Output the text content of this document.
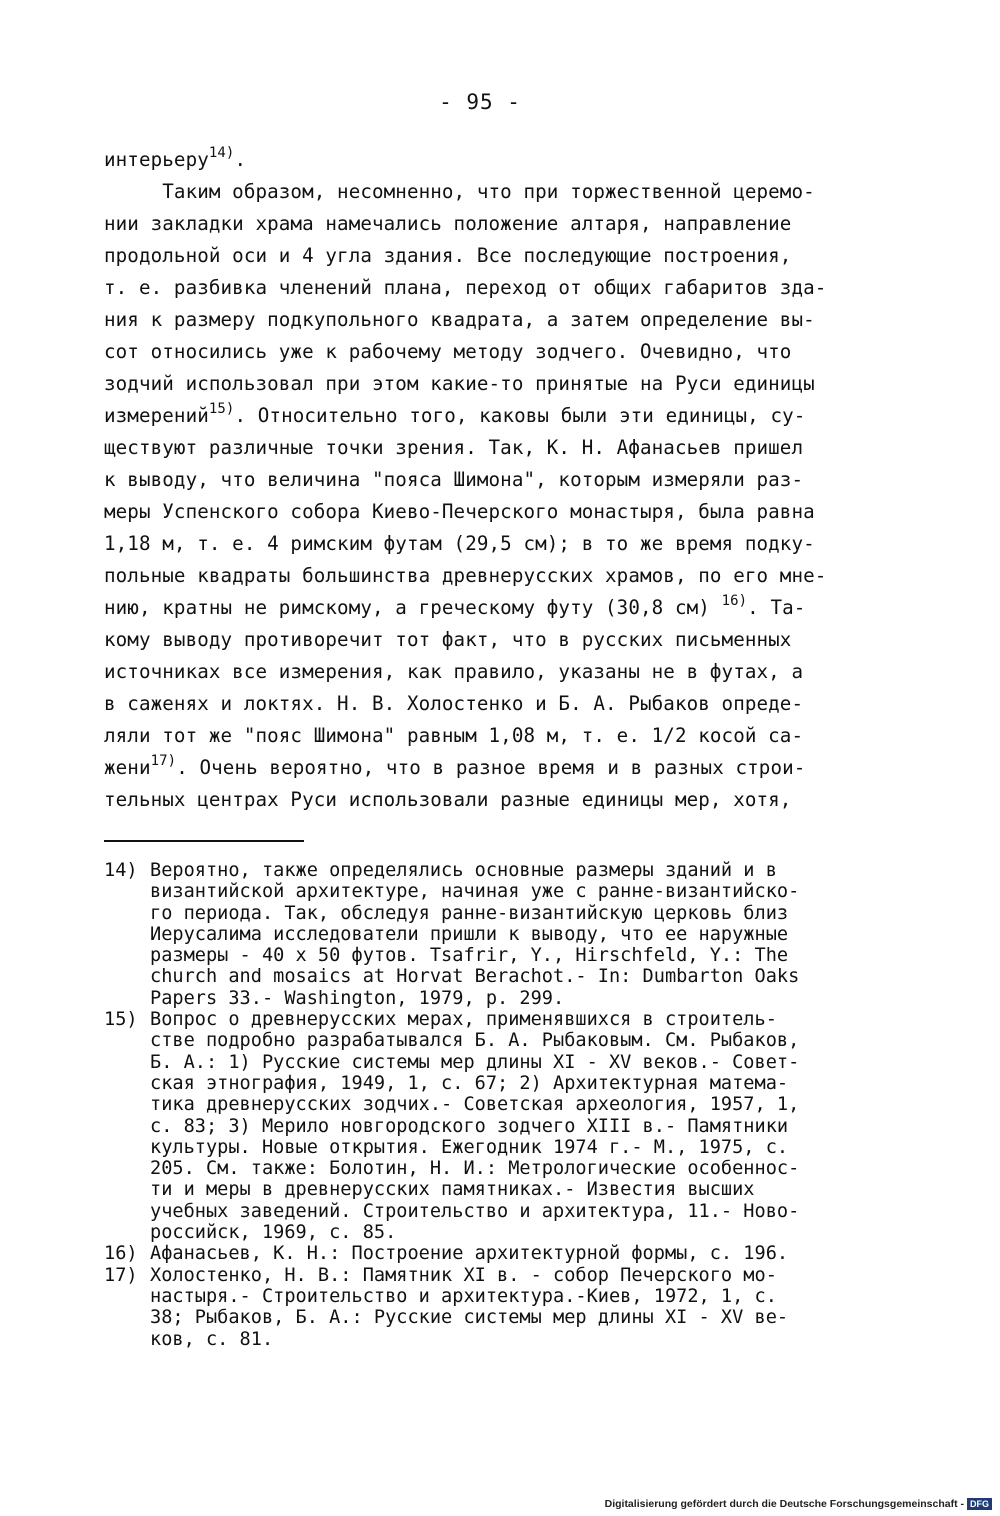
- 95 -
интерьеру$^{14)}$.
Таким образом, несомненно, что при торжественной церемо-
нии закладки храма намечались положение алтаря, направление
продольной оси и 4 угла здания. Все последующие построения,
т. е. разбивка членений плана, переход от общих габаритов зда-
ния к размеру подкупольного квадрата, а затем определение вы-
сот относились уже к рабочему методу зодчего. Очевидно, что
зодчий использовал при этом какие-то принятые на Руси единицы
измерений$^{15)}$. Относительно того, каковы были эти единицы, су-
ществуют различные точки зрения. Так, К. Н. Афанасьев пришел
к выводу, что величина "пояса Шимона", которым измеряли раз-
меры Успенского собора Киево-Печерского монастыря, была равна
1,18 м, т. е. 4 римским футам (29,5 см); в то же время подку-
польные квадраты большинства древнерусских храмов, по его мне-
нию, кратны не римскому, а греческому футу (30,8 см) $^{16)}$. Та-
кому выводу противоречит тот факт, что в русских письменных
источниках все измерения, как правило, указаны не в футах, а
в саженях и локтях. Н. В. Холостенко и Б. А. Рыбаков опреде-
ляли тот же "пояс Шимона" равным 1,08 м, т. е. 1/2 косой са-
жени$^{17)}$. Очень вероятно, что в разное время и в разных строи-
тельных центрах Руси использовали разные единицы мер, хотя,
14) Вероятно, также определялись основные размеры зданий и в
византийской архитектуре, начиная уже с ранне-византийско-
го периода. Так, обследуя ранне-византийскую церковь близ
Иерусалима исследователи пришли к выводу, что ее наружные
размеры - 40 х 50 футов. Tsafrir, Y., Hirschfeld, Y.: The
church and mosaics at Horvat Berachot.- In: Dumbarton Oaks
Papers 33.- Washington, 1979, p. 299.
15) Вопрос о древнерусских мерах, применявшихся в строитель-
стве подробно разрабатывался Б. А. Рыбаковым. См. Рыбаков,
Б. А.: 1) Русские системы мер длины XI - XV веков.- Совет-
ская этнография, 1949, 1, с. 67; 2) Архитектурная матема-
тика древнерусских зодчих.- Советская археология, 1957, 1,
с. 83; 3) Мерило новгородского зодчего XIII в.- Памятники
культуры. Новые открытия. Ежегодник 1974 г.- М., 1975, с.
205. См. также: Болотин, Н. И.: Метрологические особеннос-
ти и меры в древнерусских памятниках.- Известия высших
учебных заведений. Строительство и архитектура, 11.- Ново-
российск, 1969, с. 85.
16) Афанасьев, К. Н.: Построение архитектурной формы, с. 196.
17) Холостенко, Н. В.: Памятник XI в. - собор Печерского мо-
настыря.- Строительство и архитектура.-Киев, 1972, 1, с.
38; Рыбаков, Б. А.: Русские системы мер длины XI - XV ве-
ков, с. 81.
Digitalisierung gefördert durch die Deutsche Forschungsgemeinschaft - DFG
